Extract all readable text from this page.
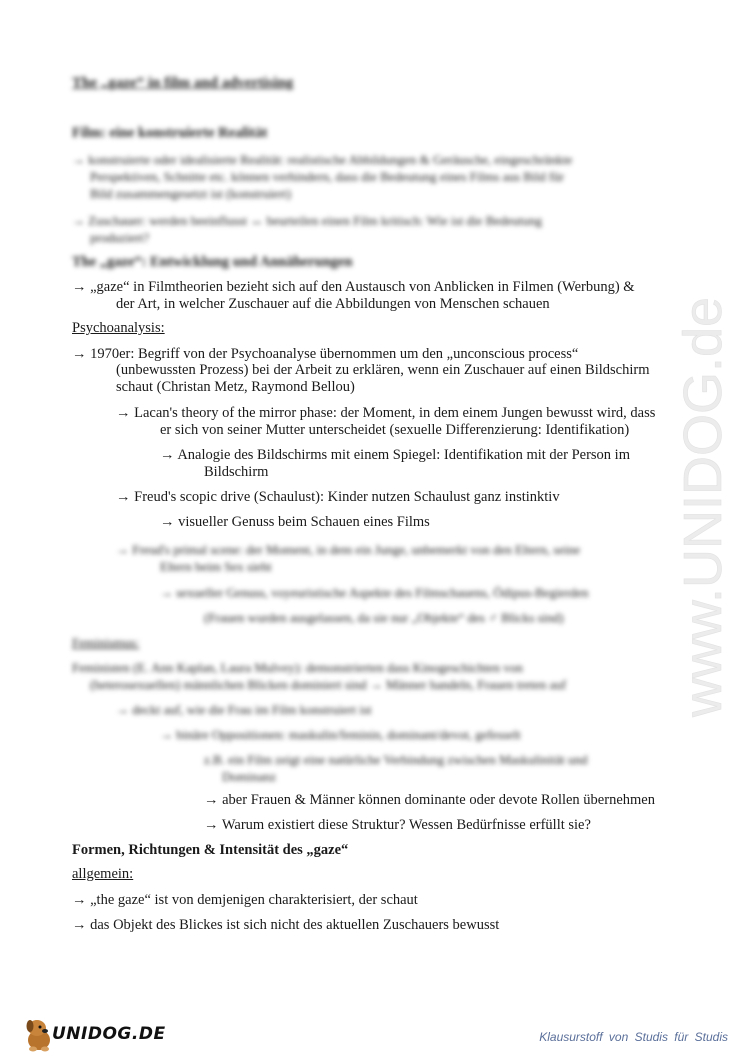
The „gaze“ in film and advertising
Film: eine konstruierte Realität
→ konstruierte oder idealisierte Realität: realistische Abbildungen & Geräusche, eingeschränkte
Perspektiven, Schnitte etc. können verhindern, dass die Bedeutung eines Films aus Bild für
Bild zusammengesetzt ist (konstruiert)
→ Zuschauer: werden beeinflusst ↔ beurteilen einen Film kritisch: Wie ist die Bedeutung
produziert?
The „gaze“: Entwicklung und Annäherungen
→ „gaze“ in Filmtheorien bezieht sich auf den Austausch von Anblicken in Filmen (Werbung) &
der Art, in welcher Zuschauer auf die Abbildungen von Menschen schauen
Psychoanalysis:
→ 1970er: Begriff von der Psychoanalyse übernommen um den „unconscious process“
(unbewussten Prozess) bei der Arbeit zu erklären, wenn ein Zuschauer auf einen Bildschirm
schaut (Christan Metz, Raymond Bellou)
→ Lacan's theory of the mirror phase: der Moment, in dem einem Jungen bewusst wird, dass
er sich von seiner Mutter unterscheidet (sexuelle Differenzierung: Identifikation)
→ Analogie des Bildschirms mit einem Spiegel: Identifikation mit der Person im
Bildschirm
→ Freud's scopic drive (Schaulust): Kinder nutzen Schaulust ganz instinktiv
→ visueller Genuss beim Schauen eines Films
→ Freud's primal scene: der Moment, in dem ein Junge, unbemerkt von den Eltern, seine
Eltern beim Sex sieht
→ sexueller Genuss, voyeuristische Aspekte des Filmschauens, Ödipus-Begierden
(Frauen wurden ausgelassen, da sie nur „Objekte“ des ♂ Blicks sind)
Feminismus:
Feministen (E. Ann Kaplan, Laura Mulvey): demonstrierten dass Kinogeschichten von
(heterosexuellen) männlichen Blicken dominiert sind → Männer handeln, Frauen treten auf
→ deckt auf, wie die Frau im Film konstruiert ist
→ binäre Oppositionen: maskulin/feminin, dominant/devot, gefesselt
z.B. ein Film zeigt eine natürliche Verbindung zwischen Maskulinität und
Dominanz
→ aber Frauen & Männer können dominante oder devote Rollen übernehmen
→ Warum existiert diese Struktur? Wessen Bedürfnisse erfüllt sie?
Formen, Richtungen & Intensität des „gaze“
allgemein:
→ „the gaze“ ist von demjenigen charakterisiert, der schaut
→ das Objekt des Blickes ist sich nicht des aktuellen Zuschauers bewusst
www.UNIDOG.de
UNIDOG.DE	Klausurstoff von Studis für Studis
